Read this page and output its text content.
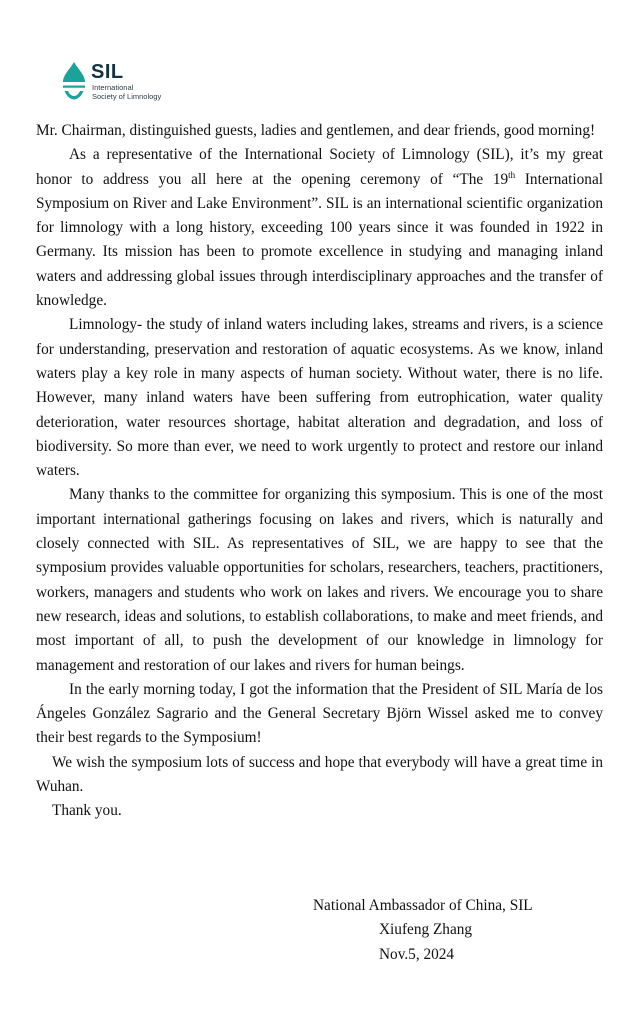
SIL
International
Society of Limnology

Mr. Chairman, distinguished guests, ladies and gentlemen, and dear friends, good morning!

As a representative of the International Society of Limnology (SIL), it’s my great honor to address you all here at the opening ceremony of “The 19th International Symposium on River and Lake Environment”. SIL is an international scientific organization for limnology with a long history, exceeding 100 years since it was founded in 1922 in Germany. Its mission has been to promote excellence in studying and managing inland waters and addressing global issues through interdisciplinary approaches and the transfer of knowledge.

Limnology- the study of inland waters including lakes, streams and rivers, is a science for understanding, preservation and restoration of aquatic ecosystems. As we know, inland waters play a key role in many aspects of human society. Without water, there is no life. However, many inland waters have been suffering from eutrophication, water quality deterioration, water resources shortage, habitat alteration and degradation, and loss of biodiversity. So more than ever, we need to work urgently to protect and restore our inland waters.

Many thanks to the committee for organizing this symposium. This is one of the most important international gatherings focusing on lakes and rivers, which is naturally and closely connected with SIL. As representatives of SIL, we are happy to see that the symposium provides valuable opportunities for scholars, researchers, teachers, practitioners, workers, managers and students who work on lakes and rivers. We encourage you to share new research, ideas and solutions, to establish collaborations, to make and meet friends, and most important of all, to push the development of our knowledge in limnology for management and restoration of our lakes and rivers for human beings.

In the early morning today, I got the information that the President of SIL María de los Ángeles González Sagrario and the General Secretary Björn Wissel asked me to convey their best regards to the Symposium!

We wish the symposium lots of success and hope that everybody will have a great time in Wuhan.

Thank you.

National Ambassador of China, SIL
Xiufeng Zhang
Nov.5, 2024
